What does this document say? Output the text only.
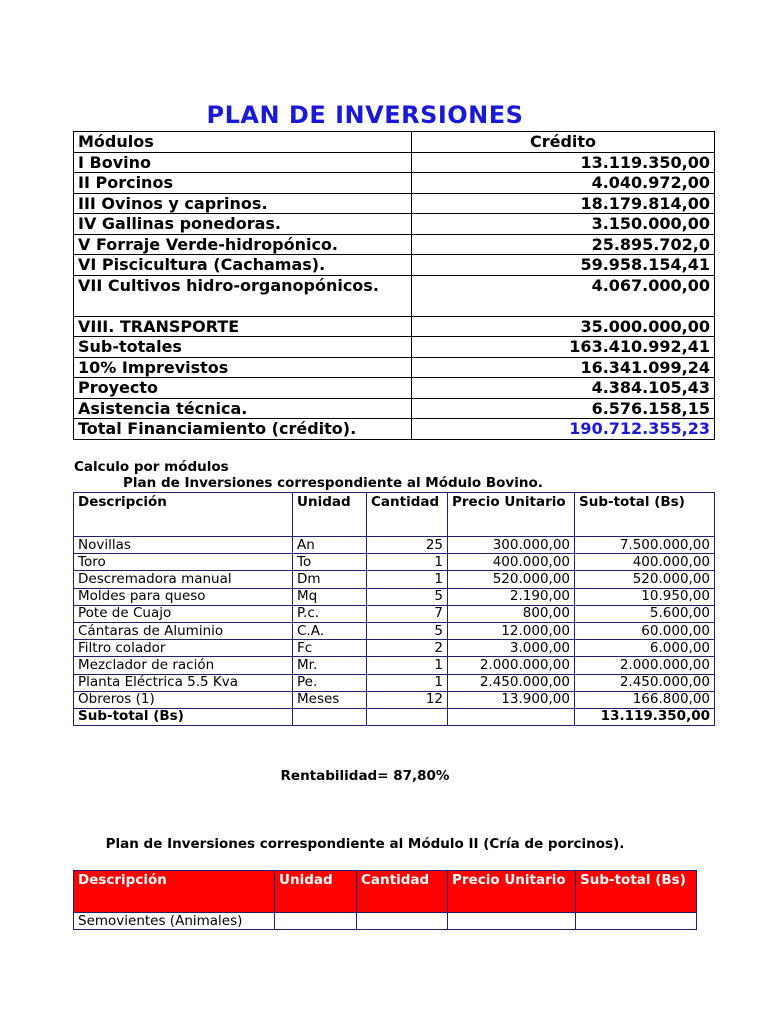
PLAN DE INVERSIONES
Módulos	Crédito
I Bovino	13.119.350,00
II Porcinos	4.040.972,00
III Ovinos y caprinos.	18.179.814,00
IV Gallinas ponedoras.	3.150.000,00
V Forraje Verde-hidropónico.	25.895.702,0
VI Piscicultura (Cachamas).	59.958.154,41
VII Cultivos hidro-organopónicos.	4.067.000,00
VIII. TRANSPORTE	35.000.000,00
Sub-totales	163.410.992,41
10% Imprevistos	16.341.099,24
Proyecto	4.384.105,43
Asistencia técnica.	6.576.158,15
Total Financiamiento (crédito).	190.712.355,23
Calculo por módulos
Plan de Inversiones correspondiente al Módulo Bovino.
Descripción	Unidad	Cantidad	Precio Unitario	Sub-total (Bs)
Novillas	An	25	300.000,00	7.500.000,00
Toro	To	1	400.000,00	400.000,00
Descremadora manual	Dm	1	520.000,00	520.000,00
Moldes para queso	Mq	5	2.190,00	10.950,00
Pote de Cuajo	P.c.	7	800,00	5.600,00
Cántaras de Aluminio	C.A.	5	12.000,00	60.000,00
Filtro colador	Fc	2	3.000,00	6.000,00
Mezclador de ración	Mr.	1	2.000.000,00	2.000.000,00
Planta Eléctrica 5.5 Kva	Pe.	1	2.450.000,00	2.450.000,00
Obreros (1)	Meses	12	13.900,00	166.800,00
Sub-total (Bs)				13.119.350,00
Rentabilidad= 87,80%
Plan de Inversiones correspondiente al Módulo II (Cría de porcinos).
Descripción	Unidad	Cantidad	Precio Unitario	Sub-total (Bs)
Semovientes (Animales)				
